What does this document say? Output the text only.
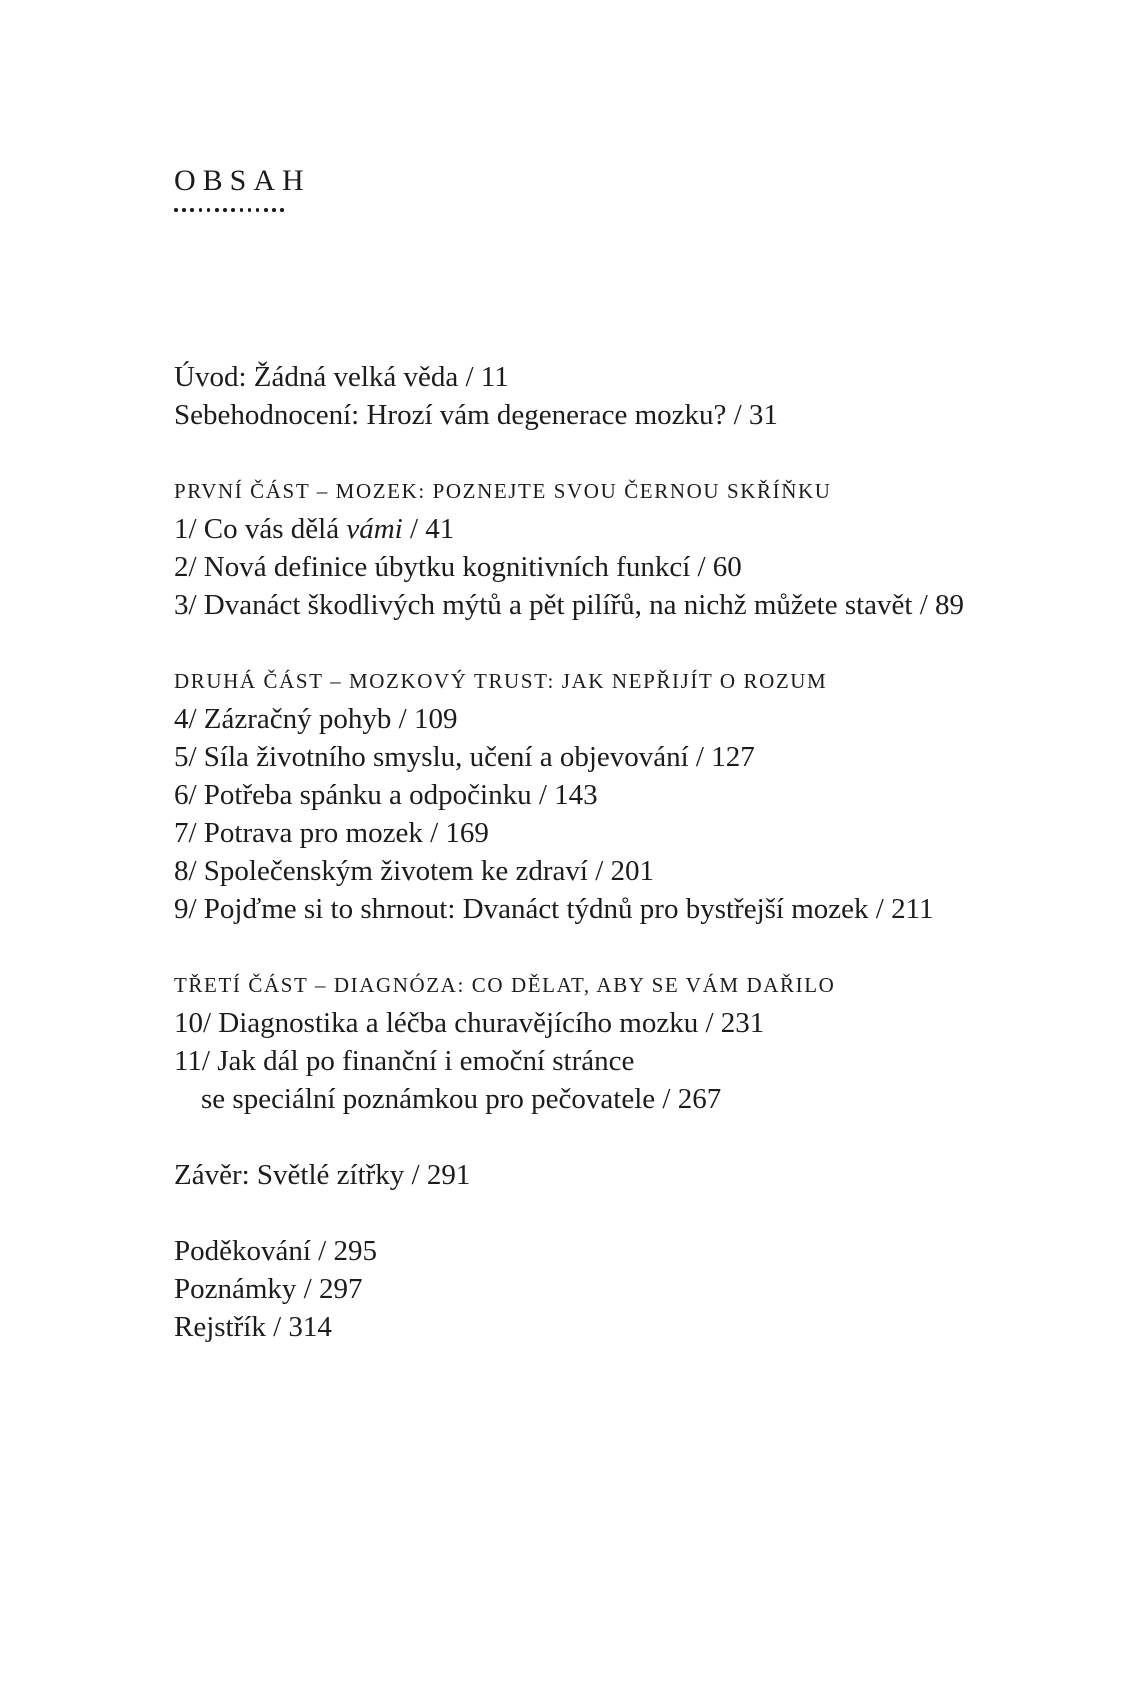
OBSAH
Úvod: Žádná velká věda / 11
Sebehodnocení: Hrozí vám degenerace mozku? / 31
PRVNÍ ČÁST – MOZEK: POZNEJTE SVOU ČERNOU SKŘÍŇKU
1/ Co vás dělá vámi / 41
2/ Nová definice úbytku kognitivních funkcí / 60
3/ Dvanáct škodlivých mýtů a pět pilířů, na nichž můžete stavět / 89
DRUHÁ ČÁST – MOZKOVÝ TRUST: JAK NEPŘIJÍT O ROZUM
4/ Zázračný pohyb / 109
5/ Síla životního smyslu, učení a objevování / 127
6/ Potřeba spánku a odpočinku / 143
7/ Potrava pro mozek / 169
8/ Společenským životem ke zdraví / 201
9/ Pojďme si to shrnout: Dvanáct týdnů pro bystřejší mozek / 211
TŘETÍ ČÁST – DIAGNÓZA: CO DĚLAT, ABY SE VÁM DAŘILO
10/ Diagnostika a léčba churavějícího mozku / 231
11/ Jak dál po finanční i emoční stránce
se speciální poznámkou pro pečovatele / 267
Závěr: Světlé zítřky / 291
Poděkování / 295
Poznámky / 297
Rejstřík / 314
